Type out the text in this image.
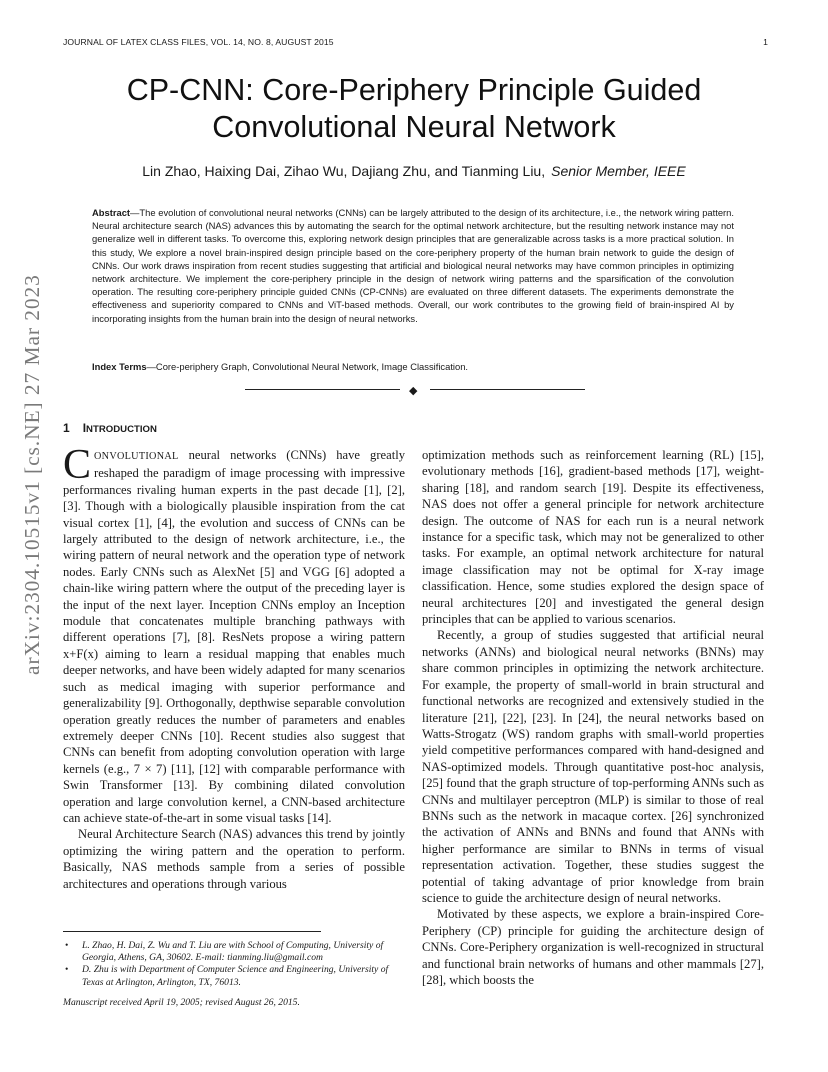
JOURNAL OF LATEX CLASS FILES, VOL. 14, NO. 8, AUGUST 2015	1
arXiv:2304.10515v1 [cs.NE] 27 Mar 2023
CP-CNN: Core-Periphery Principle Guided
Convolutional Neural Network
Lin Zhao, Haixing Dai, Zihao Wu, Dajiang Zhu, and Tianming Liu, Senior Member, IEEE
Abstract—The evolution of convolutional neural networks (CNNs) can be largely attributed to the design of its architecture, i.e., the network wiring pattern. Neural architecture search (NAS) advances this by automating the search for the optimal network architecture, but the resulting network instance may not generalize well in different tasks. To overcome this, exploring network design principles that are generalizable across tasks is a more practical solution. In this study, We explore a novel brain-inspired design principle based on the core-periphery property of the human brain network to guide the design of CNNs. Our work draws inspiration from recent studies suggesting that artificial and biological neural networks may have common principles in optimizing network architecture. We implement the core-periphery principle in the design of network wiring patterns and the sparsification of the convolution operation. The resulting core-periphery principle guided CNNs (CP-CNNs) are evaluated on three different datasets. The experiments demonstrate the effectiveness and superiority compared to CNNs and ViT-based methods. Overall, our work contributes to the growing field of brain-inspired AI by incorporating insights from the human brain into the design of neural networks.
Index Terms—Core-periphery Graph, Convolutional Neural Network, Image Classification.
◆
1 INTRODUCTION

CONVOLUTIONAL neural networks (CNNs) have greatly reshaped the paradigm of image processing with impressive performances rivaling human experts in the past decade [1], [2], [3]. Though with a biologically plausible inspiration from the cat visual cortex [1], [4], the evolution and success of CNNs can be largely attributed to the design of network architecture, i.e., the wiring pattern of neural network and the operation type of network nodes. Early CNNs such as AlexNet [5] and VGG [6] adopted a chain-like wiring pattern where the output of the preceding layer is the input of the next layer. Inception CNNs employ an Inception module that concatenates multiple branching pathways with different operations [7], [8]. ResNets propose a wiring pattern x+F(x) aiming to learn a residual mapping that enables much deeper networks, and have been widely adapted for many scenarios such as medical imaging with superior performance and generalizability [9]. Orthogonally, depthwise separable convolution operation greatly reduces the number of parameters and enables extremely deeper CNNs [10]. Recent studies also suggest that CNNs can benefit from adopting convolution operation with large kernels (e.g., 7 × 7) [11], [12] with comparable performance with Swin Transformer [13]. By combining dilated convolution operation and large convolution kernel, a CNN-based architecture can achieve state-of-the-art in some visual tasks [14].

Neural Architecture Search (NAS) advances this trend by jointly optimizing the wiring pattern and the operation to perform. Basically, NAS methods sample from a series of possible architectures and operations through various

optimization methods such as reinforcement learning (RL) [15], evolutionary methods [16], gradient-based methods [17], weight-sharing [18], and random search [19]. Despite its effectiveness, NAS does not offer a general principle for network architecture design. The outcome of NAS for each run is a neural network instance for a specific task, which may not be generalized to other tasks. For example, an optimal network architecture for natural image classification may not be optimal for X-ray image classification. Hence, some studies explored the design space of neural architectures [20] and investigated the general design principles that can be applied to various scenarios.

Recently, a group of studies suggested that artificial neural networks (ANNs) and biological neural networks (BNNs) may share common principles in optimizing the network architecture. For example, the property of small-world in brain structural and functional networks are recognized and extensively studied in the literature [21], [22], [23]. In [24], the neural networks based on Watts-Strogatz (WS) random graphs with small-world properties yield competitive performances compared with hand-designed and NAS-optimized models. Through quantitative post-hoc analysis, [25] found that the graph structure of top-performing ANNs such as CNNs and multilayer perceptron (MLP) is similar to those of real BNNs such as the network in macaque cortex. [26] synchronized the activation of ANNs and BNNs and found that ANNs with higher performance are similar to BNNs in terms of visual representation activation. Together, these studies suggest the potential of taking advantage of prior knowledge from brain science to guide the architecture design of neural networks.

Motivated by these aspects, we explore a brain-inspired Core-Periphery (CP) principle for guiding the architecture design of CNNs. Core-Periphery organization is well-recognized in structural and functional brain networks of humans and other mammals [27], [28], which boosts the

• L. Zhao, H. Dai, Z. Wu and T. Liu are with School of Computing, University of Georgia, Athens, GA, 30602. E-mail: tianming.liu@gmail.com
• D. Zhu is with Department of Computer Science and Engineering, University of Texas at Arlington, Arlington, TX, 76013.
Manuscript received April 19, 2005; revised August 26, 2015.
